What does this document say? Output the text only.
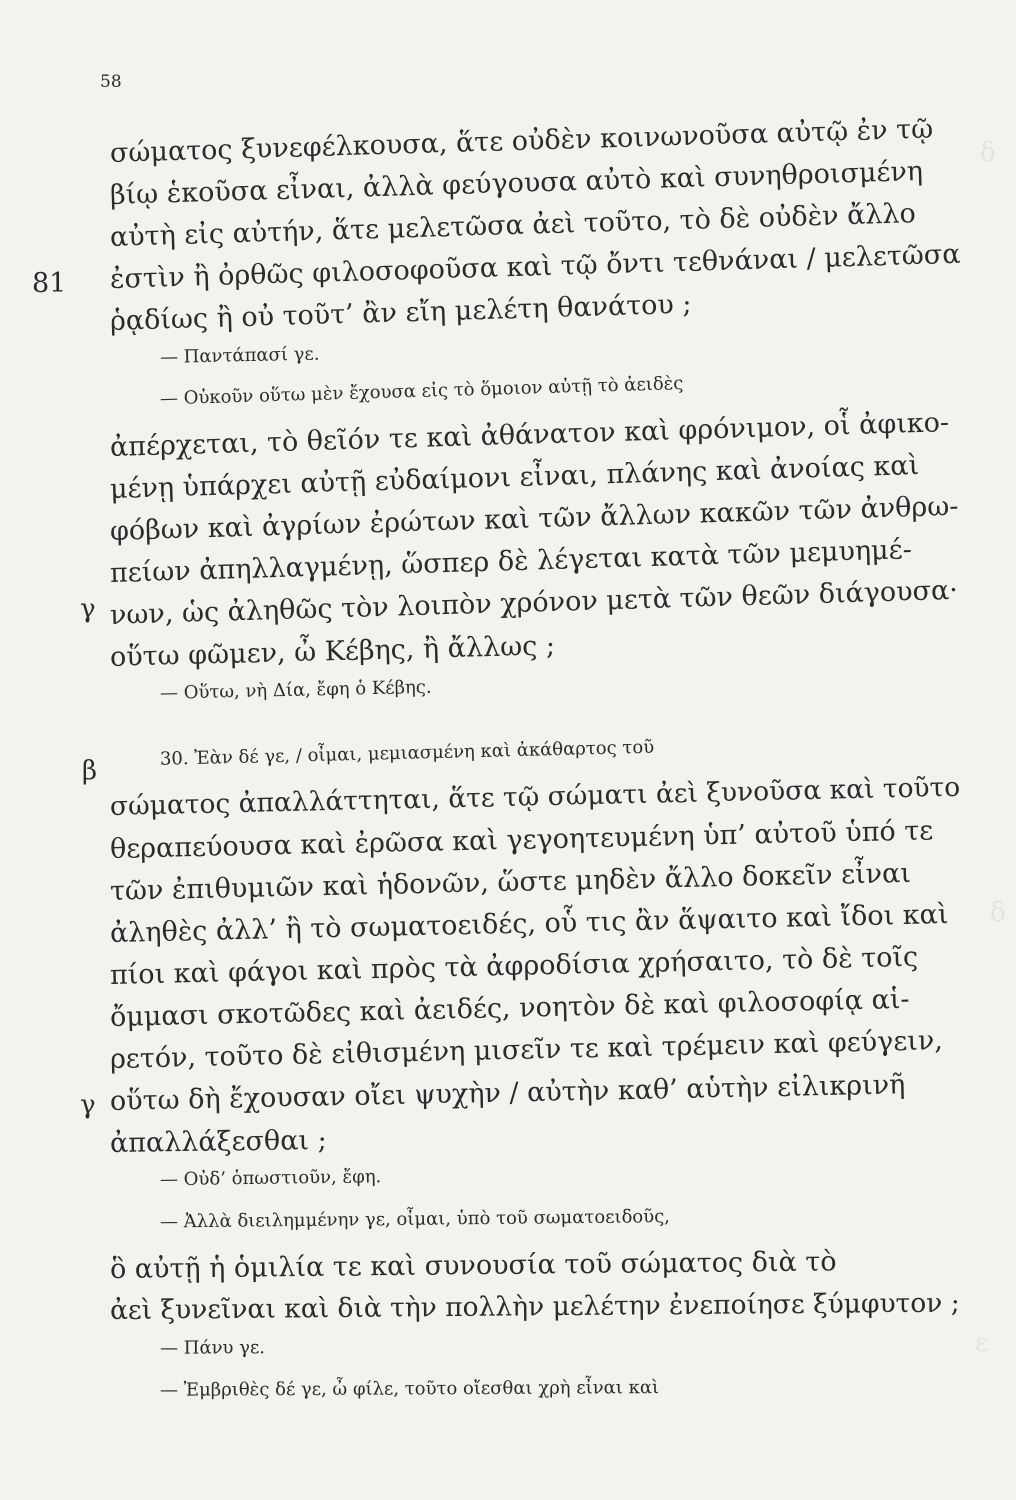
δ
δ
ε
58
81
γ
β
γ
σώματος ξυνεφέλκουσα, ἅτε οὐδὲν κοινωνοῦσα αὐτῷ ἐν τῷ
βίῳ ἑκοῦσα εἶναι, ἀλλὰ φεύγουσα αὐτὸ καὶ συνηθροισμένη
αὐτὴ εἰς αὐτήν, ἅτε μελετῶσα ἀεὶ τοῦτο, τὸ δὲ οὐδὲν ἄλλο
ἐστὶν ἢ ὀρθῶς φιλοσοφοῦσα καὶ τῷ ὄντι τεθνάναι / μελετῶσα
ῥᾳδίως ἢ οὐ τοῦτ’ ἂν εἴη μελέτη θανάτου ;
— Παντάπασί γε.
— Οὐκοῦν οὕτω μὲν ἔχουσα εἰς τὸ ὅμοιον αὐτῇ τὸ ἀειδὲς
ἀπέρχεται, τὸ θεῖόν τε καὶ ἀθάνατον καὶ φρόνιμον, οἷ ἀφικο-
μένῃ ὑπάρχει αὐτῇ εὐδαίμονι εἶναι, πλάνης καὶ ἀνοίας καὶ
φόβων καὶ ἀγρίων ἐρώτων καὶ τῶν ἄλλων κακῶν τῶν ἀνθρω-
πείων ἀπηλλαγμένῃ, ὥσπερ δὲ λέγεται κατὰ τῶν μεμυημέ-
νων, ὡς ἀληθῶς τὸν λοιπὸν χρόνον μετὰ τῶν θεῶν διάγουσα·
οὕτω φῶμεν, ὦ Κέβης, ἢ ἄλλως ;
— Οὕτω, νὴ Δία, ἔφη ὁ Κέβης.
30. Ἐὰν δέ γε, / οἶμαι, μεμιασμένη καὶ ἀκάθαρτος τοῦ
σώματος ἀπαλλάττηται, ἅτε τῷ σώματι ἀεὶ ξυνοῦσα καὶ τοῦτο
θεραπεύουσα καὶ ἐρῶσα καὶ γεγοητευμένη ὑπ’ αὐτοῦ ὑπό τε
τῶν ἐπιθυμιῶν καὶ ἡδονῶν, ὥστε μηδὲν ἄλλο δοκεῖν εἶναι
ἀληθὲς ἀλλ’ ἢ τὸ σωματοειδές, οὗ τις ἂν ἅψαιτο καὶ ἴδοι καὶ
πίοι καὶ φάγοι καὶ πρὸς τὰ ἀφροδίσια χρήσαιτο, τὸ δὲ τοῖς
ὄμμασι σκοτῶδες καὶ ἀειδές, νοητὸν δὲ καὶ φιλοσοφίᾳ αἱ-
ρετόν, τοῦτο δὲ εἰθισμένη μισεῖν τε καὶ τρέμειν καὶ φεύγειν,
οὕτω δὴ ἔχουσαν οἴει ψυχὴν / αὐτὴν καθ’ αὑτὴν εἰλικρινῆ
ἀπαλλάξεσθαι ;
— Οὐδ’ ὁπωστιοῦν, ἔφη.
— Ἀλλὰ διειλημμένην γε, οἶμαι, ὑπὸ τοῦ σωματοειδοῦς,
ὃ αὐτῇ ἡ ὁμιλία τε καὶ συνουσία τοῦ σώματος διὰ τὸ
ἀεὶ ξυνεῖναι καὶ διὰ τὴν πολλὴν μελέτην ἐνεποίησε ξύμφυτον ;
— Πάνυ γε.
— Ἐμβριθὲς δέ γε, ὦ φίλε, τοῦτο οἴεσθαι χρὴ εἶναι καὶ
